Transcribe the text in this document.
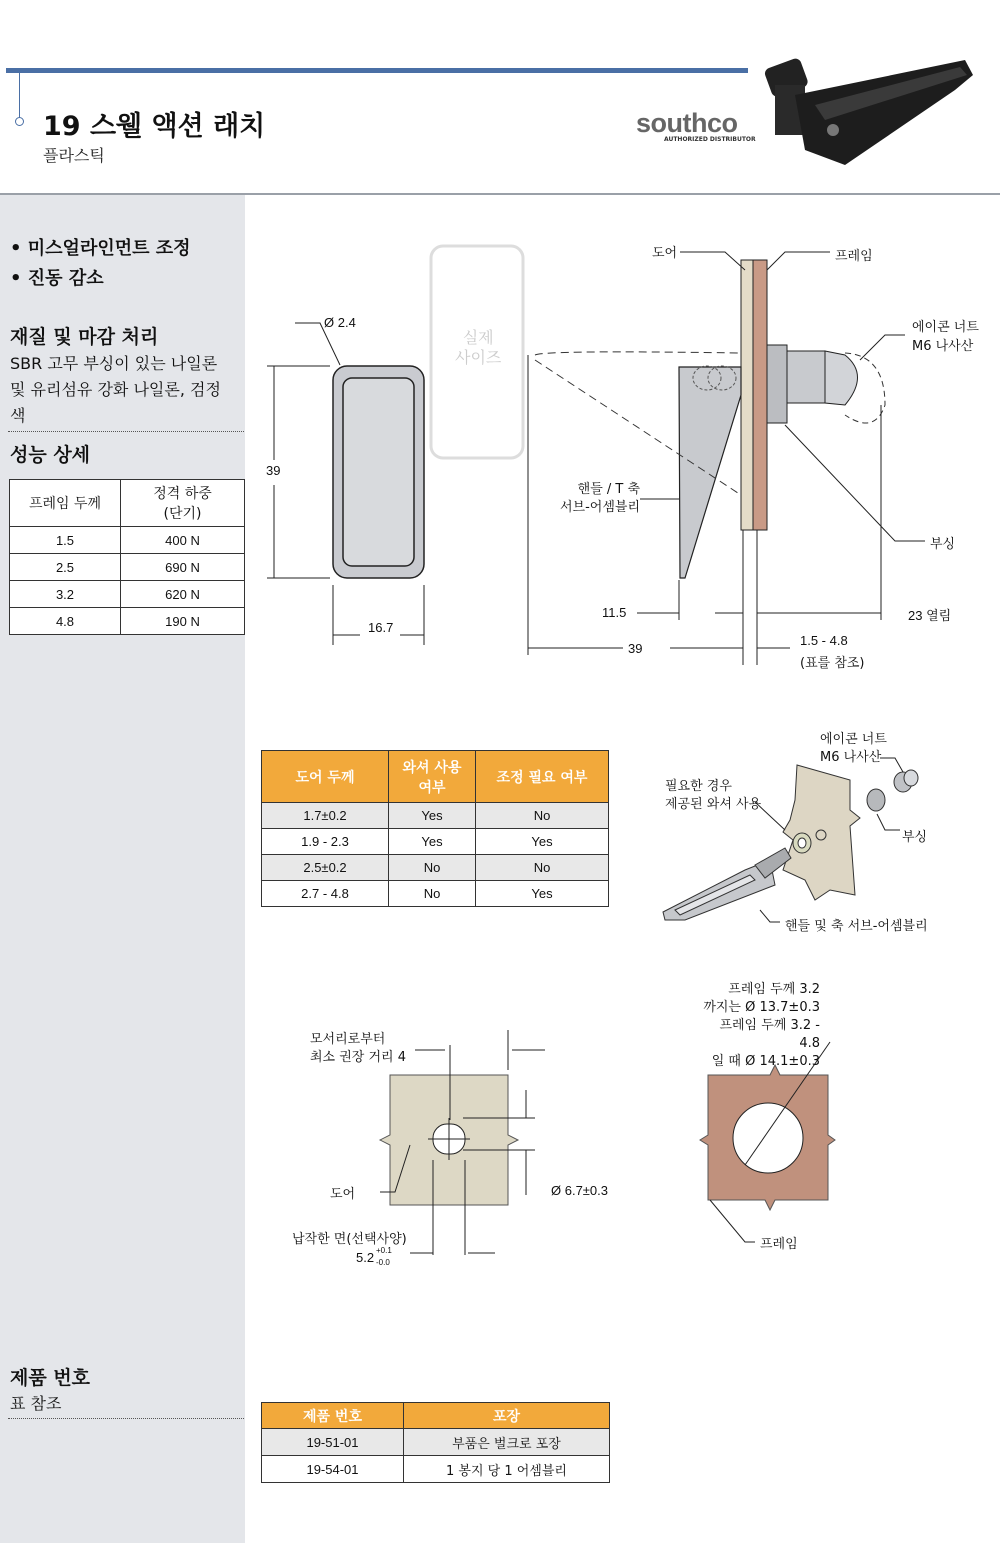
19 스웰 액션 래치
플라스틱
southco
AUTHORIZED DISTRIBUTOR
• 미스얼라인먼트 조정
• 진동 감소
재질 및 마감 처리
SBR 고무 부싱이 있는 나일론 및 유리섬유 강화 나일론, 검정색
성능 상세
프레임 두께	정격 하중
(단기)
1.5	400 N
2.5	690 N
3.2	620 N
4.8	190 N
제품 번호
표 참조
실제
사이즈
Ø 2.4
39
16.7
도어	프레임
에이콘 너트
M6 나사산
핸들 / T 축
서브-어셈블리
부싱
11.5	23 열림
39
1.5 - 4.8
(표를 참조)
도어 두께	와셔 사용
여부	조정 필요 여부
1.7±0.2	Yes	No
1.9 - 2.3	Yes	Yes
2.5±0.2	No	No
2.7 - 4.8	No	Yes
에이콘 너트
M6 나사산
필요한 경우
제공된 와셔 사용
부싱
핸들 및 축 서브-어셈블리
모서리로부터
최소 권장 거리 4
도어	Ø 6.7±0.3
납작한 면(선택사양)
5.2 +0.1
-0.0
프레임 두께 3.2
까지는 Ø 13.7±0.3
프레임 두께 3.2 - 4.8
일 때 Ø 14.1±0.3
프레임
제품 번호	포장
19-51-01	부품은 벌크로 포장
19-54-01	1 봉지 당 1 어셈블리
